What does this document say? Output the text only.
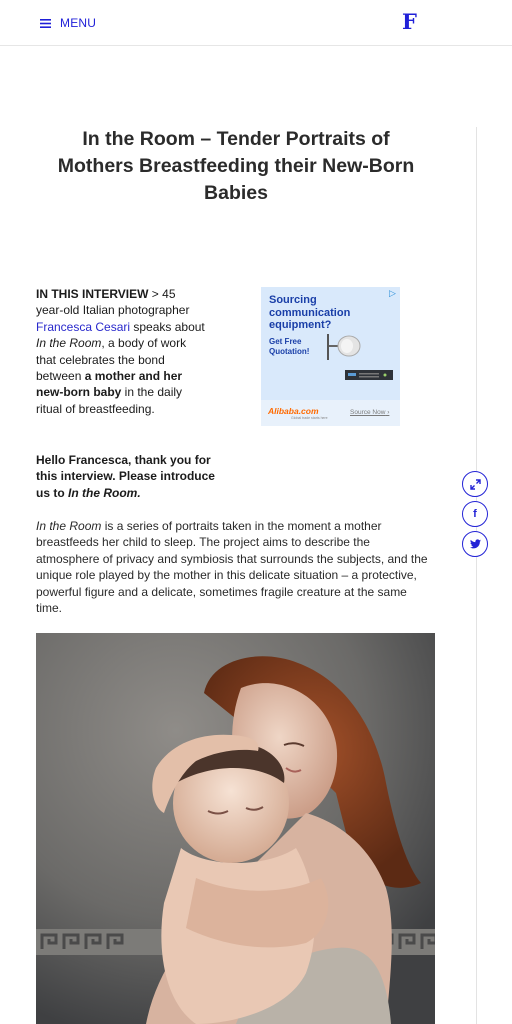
MENU	F
In the Room – Tender Portraits of Mothers Breastfeeding their New-Born Babies

IN THIS INTERVIEW > 45 year-old Italian photographer Francesca Cesari speaks about In the Room, a body of work that celebrates the bond between a mother and her new-born baby in the daily ritual of breastfeeding.

▷
Sourcing communication equipment?
Get Free Quotation!
Alibaba.com
Global trade starts here
Source Now ›

Hello Francesca, thank you for this interview. Please introduce us to In the Room.

In the Room is a series of portraits taken in the moment a mother breastfeeds her child to sleep. The project aims to describe the atmosphere of privacy and symbiosis that surrounds the subjects, and the unique role played by the mother in this delicate situation – a protective, powerful figure and a delicate, sometimes fragile creature at the same time.

f
